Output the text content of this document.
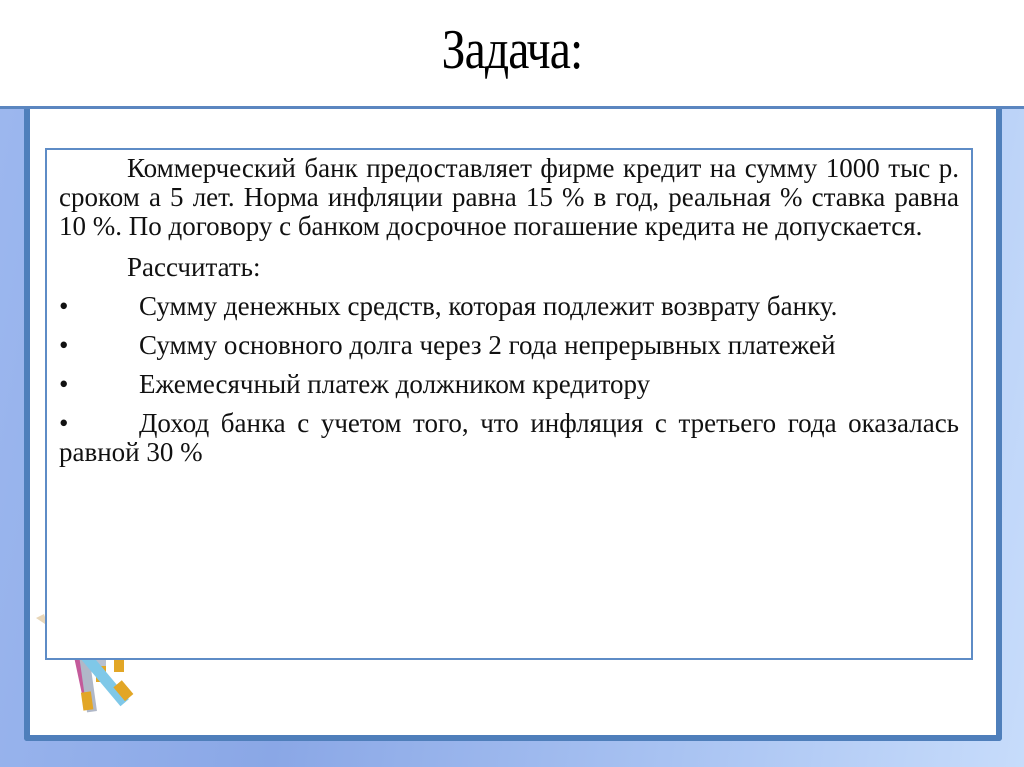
Задача:

Коммерческий банк предоставляет фирме кредит на сумму 1000 тыс р. сроком а 5 лет. Норма инфляции равна 15 % в год, реальная % ставка равна 10 %. По договору с банком досрочное погашение кредита не допускается.

Рассчитать:

•	Сумму денежных средств, которая подлежит возврату банку.
•	Сумму основного долга через 2 года непрерывных платежей
•	Ежемесячный платеж должником кредитору
•	Доход банка с учетом того, что инфляция с третьего года оказалась равной 30 %
